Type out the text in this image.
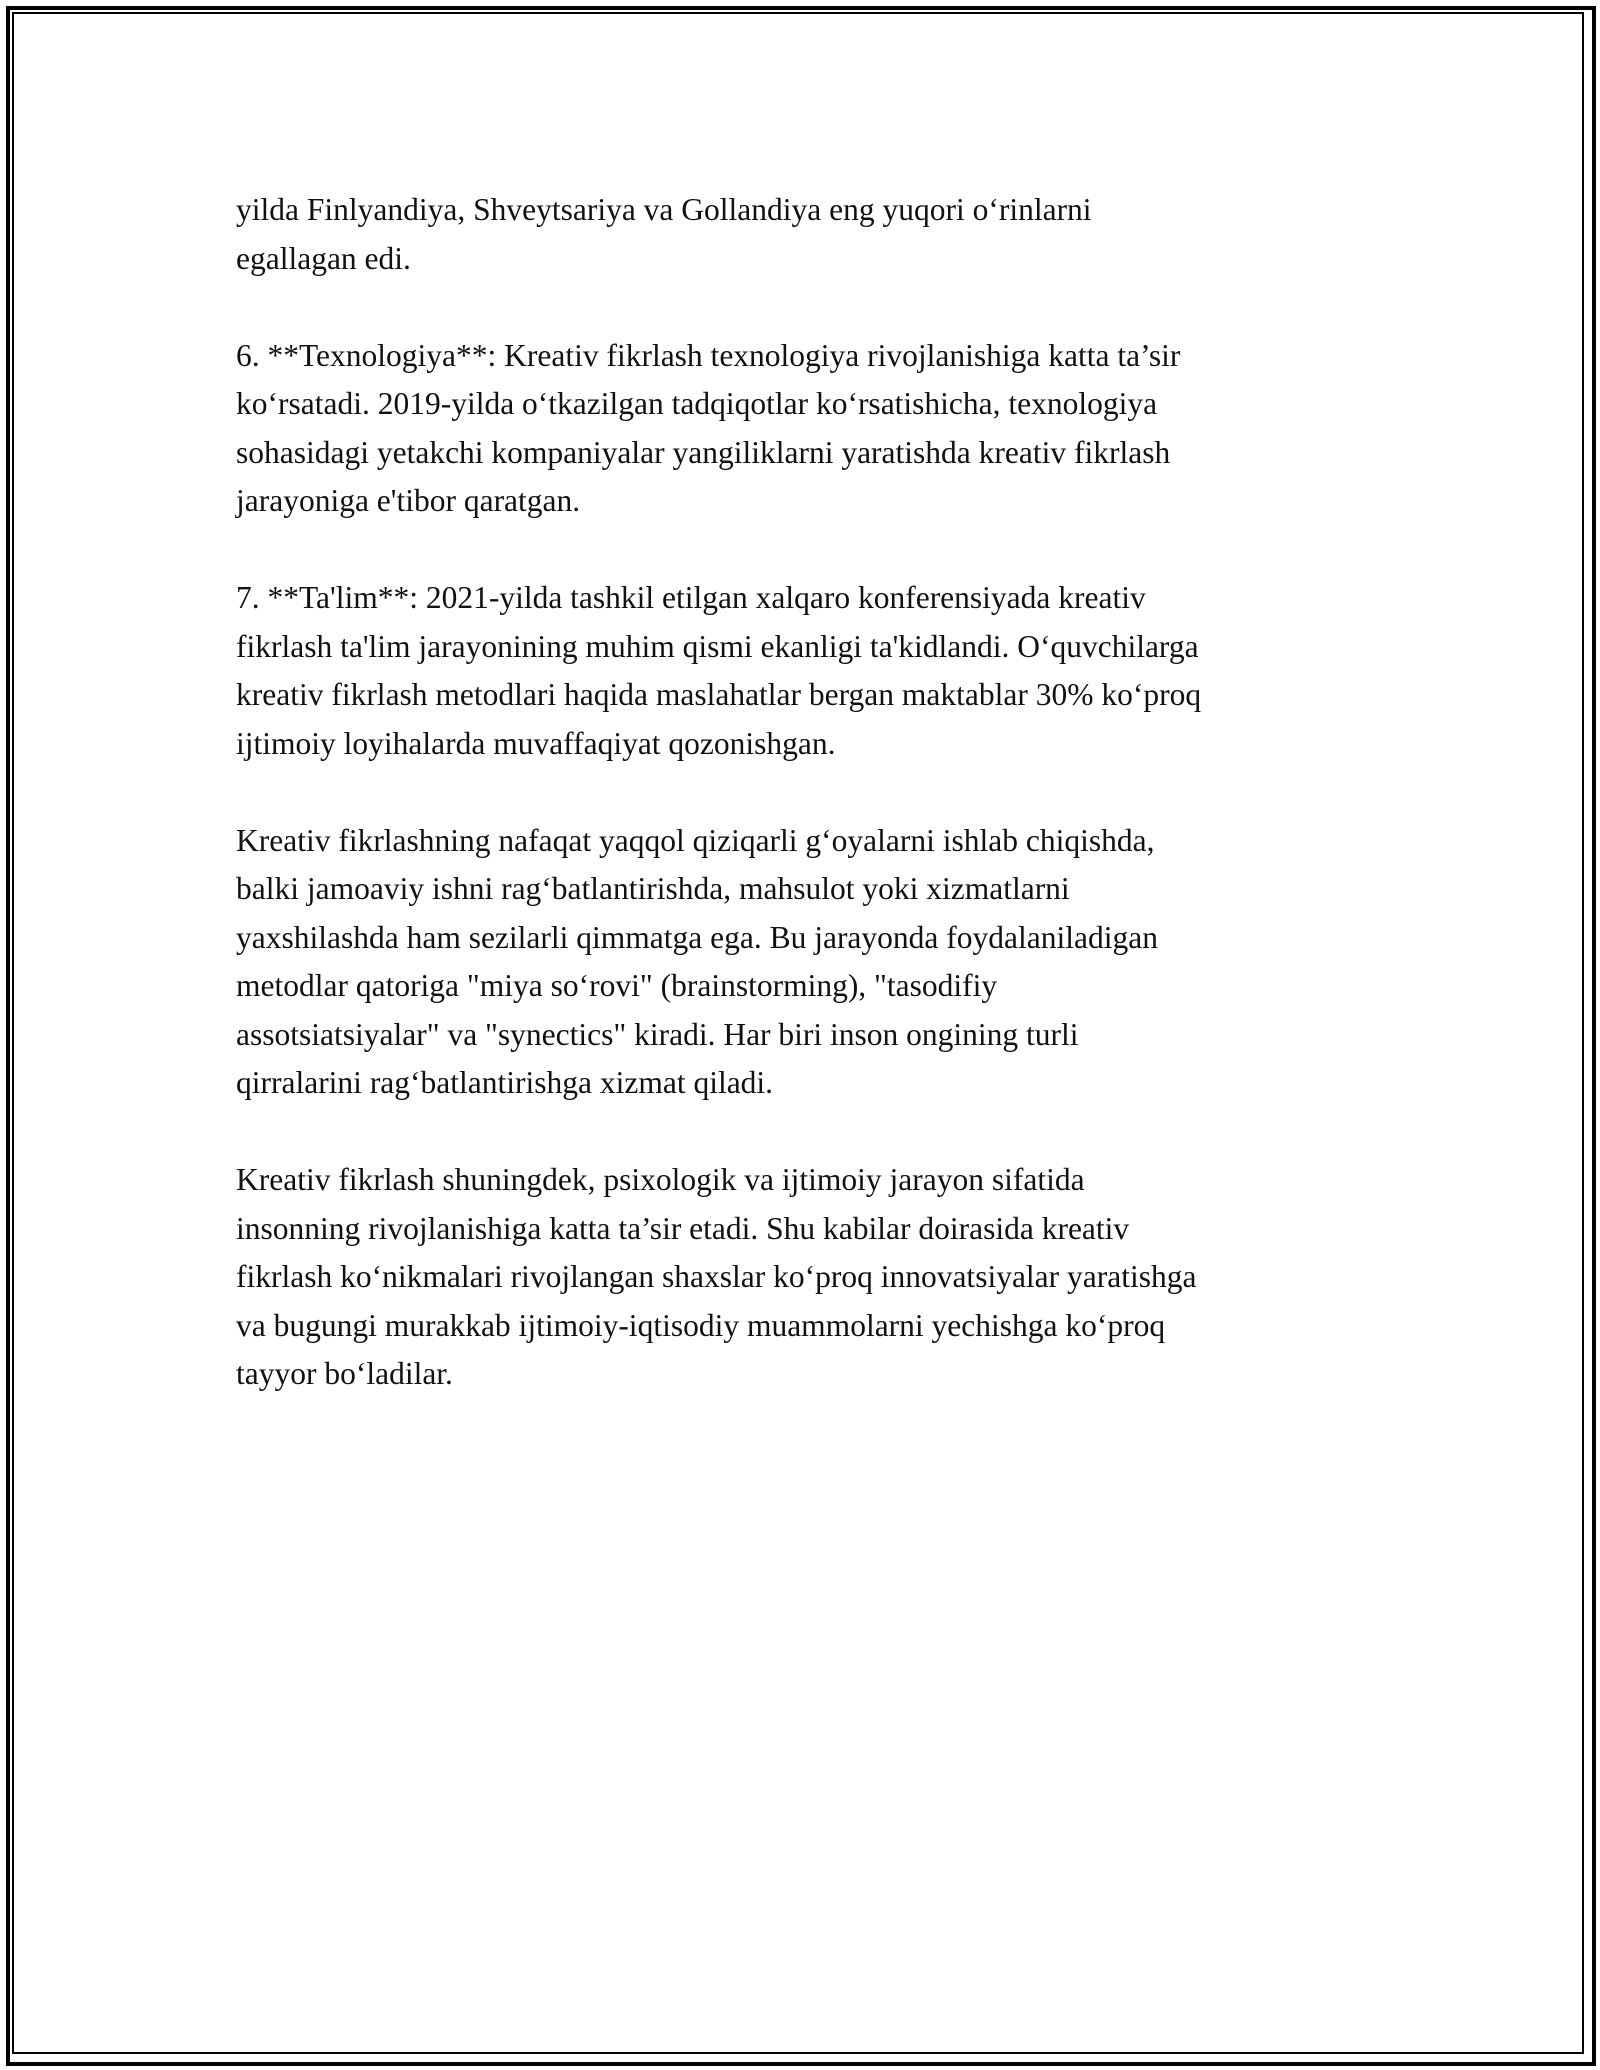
yilda Finlyandiya, Shveytsariya va Gollandiya eng yuqori o‘rinlarni
egallagan edi.

6. **Texnologiya**: Kreativ fikrlash texnologiya rivojlanishiga katta ta’sir
ko‘rsatadi. 2019-yilda o‘tkazilgan tadqiqotlar ko‘rsatishicha, texnologiya
sohasidagi yetakchi kompaniyalar yangiliklarni yaratishda kreativ fikrlash
jarayoniga e'tibor qaratgan.

7. **Ta'lim**: 2021-yilda tashkil etilgan xalqaro konferensiyada kreativ
fikrlash ta'lim jarayonining muhim qismi ekanligi ta'kidlandi. O‘quvchilarga
kreativ fikrlash metodlari haqida maslahatlar bergan maktablar 30% ko‘proq
ijtimoiy loyihalarda muvaffaqiyat qozonishgan.

Kreativ fikrlashning nafaqat yaqqol qiziqarli g‘oyalarni ishlab chiqishda,
balki jamoaviy ishni rag‘batlantirishda, mahsulot yoki xizmatlarni
yaxshilashda ham sezilarli qimmatga ega. Bu jarayonda foydalaniladigan
metodlar qatoriga "miya so‘rovi" (brainstorming), "tasodifiy
assotsiatsiyalar" va "synectics" kiradi. Har biri inson ongining turli
qirralarini rag‘batlantirishga xizmat qiladi.

Kreativ fikrlash shuningdek, psixologik va ijtimoiy jarayon sifatida
insonning rivojlanishiga katta ta’sir etadi. Shu kabilar doirasida kreativ
fikrlash ko‘nikmalari rivojlangan shaxslar ko‘proq innovatsiyalar yaratishga
va bugungi murakkab ijtimoiy-iqtisodiy muammolarni yechishga ko‘proq
tayyor bo‘ladilar.
